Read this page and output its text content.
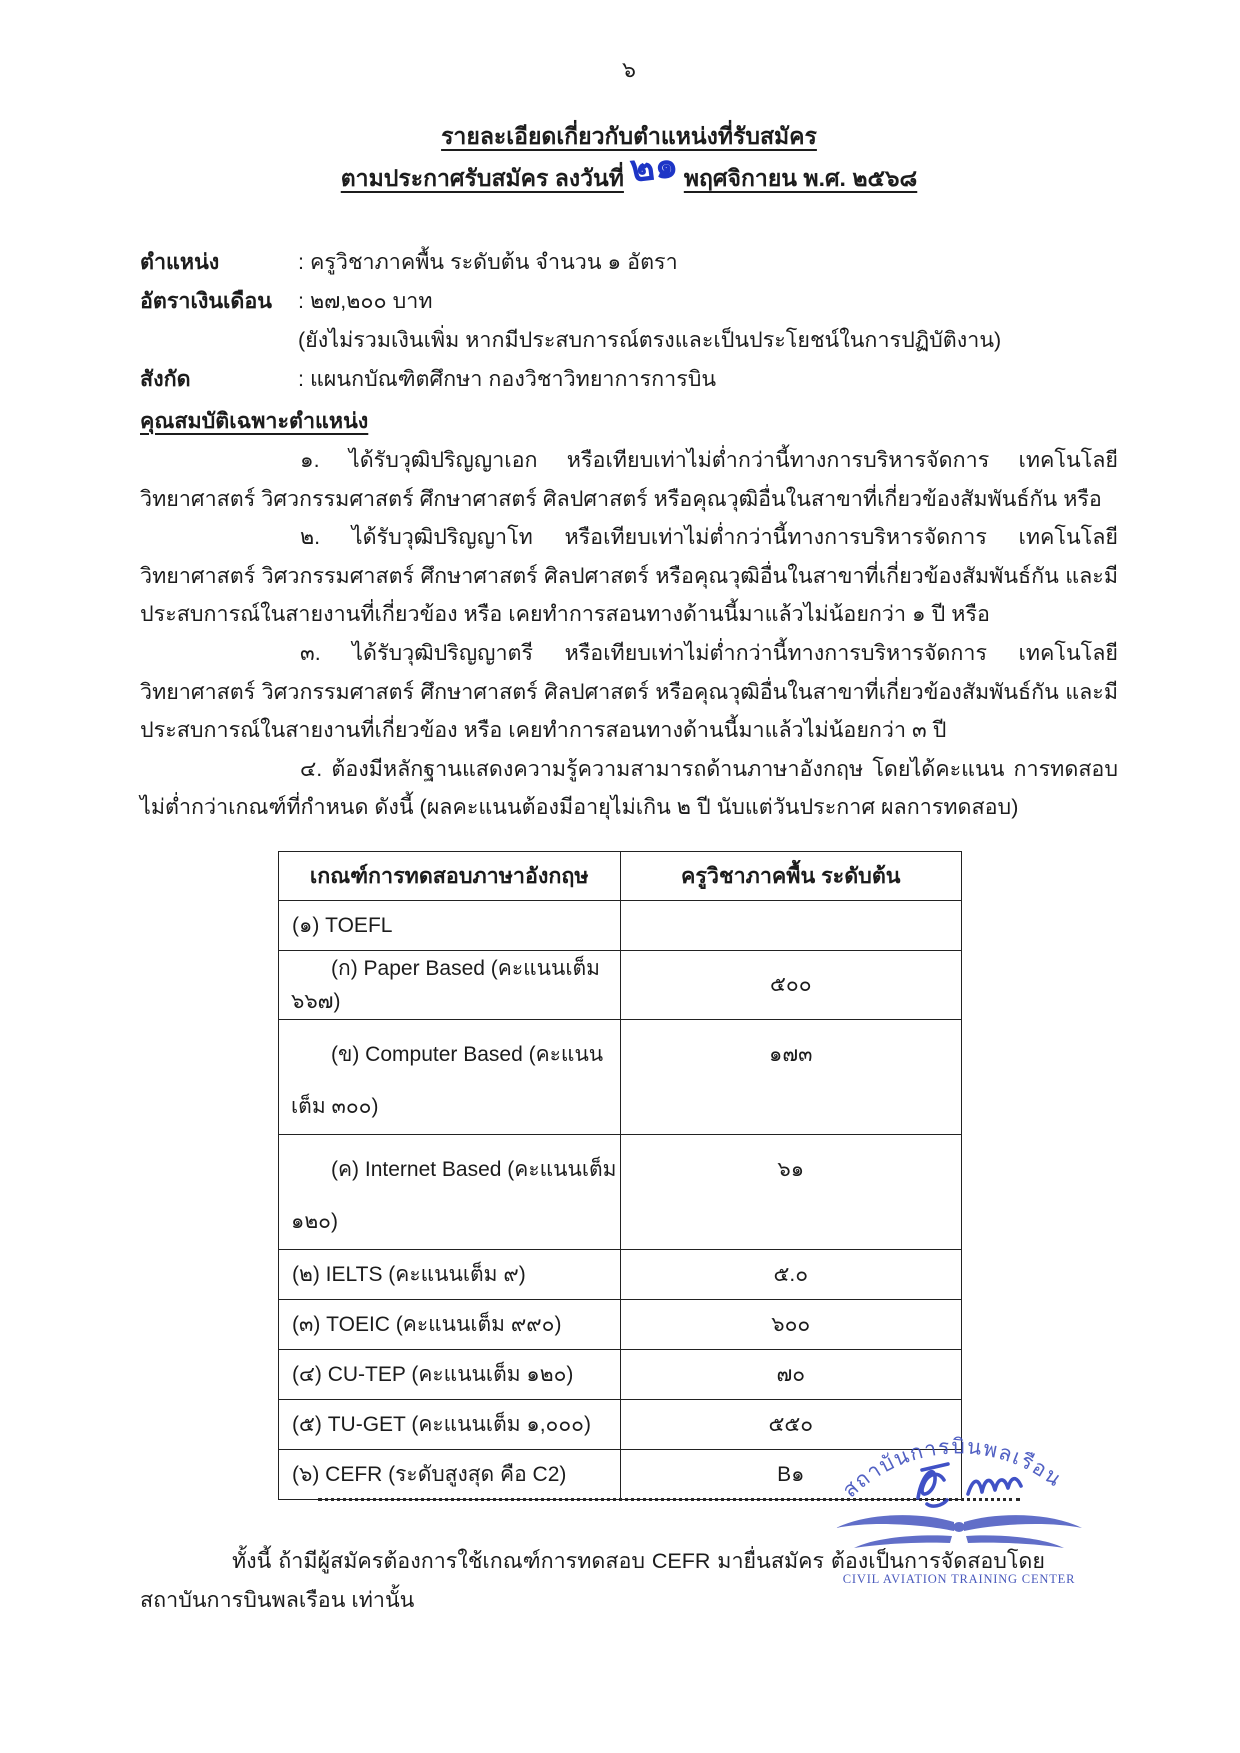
๖
รายละเอียดเกี่ยวกับตำแหน่งที่รับสมัคร
ตามประกาศรับสมัคร ลงวันที่๒๑ พฤศจิกายน พ.ศ. ๒๕๖๘
ตำแหน่ง	: ครูวิชาภาคพื้น ระดับต้น จำนวน ๑ อัตรา
อัตราเงินเดือน	: ๒๗,๒๐๐ บาท
(ยังไม่รวมเงินเพิ่ม หากมีประสบการณ์ตรงและเป็นประโยชน์ในการปฏิบัติงาน)
สังกัด	: แผนกบัณฑิตศึกษา กองวิชาวิทยาการการบิน
คุณสมบัติเฉพาะตำแหน่ง

๑. ได้รับวุฒิปริญญาเอก หรือเทียบเท่าไม่ต่ำกว่านี้ทางการบริหารจัดการ เทคโนโลยี วิทยาศาสตร์ วิศวกรรมศาสตร์ ศึกษาศาสตร์ ศิลปศาสตร์ หรือคุณวุฒิอื่นในสาขาที่เกี่ยวข้องสัมพันธ์กัน หรือ

๒. ได้รับวุฒิปริญญาโท หรือเทียบเท่าไม่ต่ำกว่านี้ทางการบริหารจัดการ เทคโนโลยี วิทยาศาสตร์ วิศวกรรมศาสตร์ ศึกษาศาสตร์ ศิลปศาสตร์ หรือคุณวุฒิอื่นในสาขาที่เกี่ยวข้องสัมพันธ์กัน และมีประสบการณ์ในสายงานที่เกี่ยวข้อง หรือ เคยทำการสอนทางด้านนี้มาแล้วไม่น้อยกว่า ๑ ปี หรือ

๓. ได้รับวุฒิปริญญาตรี หรือเทียบเท่าไม่ต่ำกว่านี้ทางการบริหารจัดการ เทคโนโลยี วิทยาศาสตร์ วิศวกรรมศาสตร์ ศึกษาศาสตร์ ศิลปศาสตร์ หรือคุณวุฒิอื่นในสาขาที่เกี่ยวข้องสัมพันธ์กัน และมีประสบการณ์ในสายงานที่เกี่ยวข้อง หรือ เคยทำการสอนทางด้านนี้มาแล้วไม่น้อยกว่า ๓ ปี

๔. ต้องมีหลักฐานแสดงความรู้ความสามารถด้านภาษาอังกฤษ โดยได้คะแนน การทดสอบไม่ต่ำกว่าเกณฑ์ที่กำหนด ดังนี้ (ผลคะแนนต้องมีอายุไม่เกิน ๒ ปี นับแต่วันประกาศ ผลการทดสอบ)

เกณฑ์การทดสอบภาษาอังกฤษ	ครูวิชาภาคพื้น ระดับต้น
(๑) TOEFL	
(ก) Paper Based (คะแนนเต็ม ๖๖๗)	๕๐๐
(ข) Computer Based (คะแนนเต็ม ๓๐๐)	๑๗๓
(ค) Internet Based (คะแนนเต็ม ๑๒๐)	๖๑
(๒) IELTS (คะแนนเต็ม ๙)	๕.๐
(๓) TOEIC (คะแนนเต็ม ๙๙๐)	๖๐๐
(๔) CU-TEP (คะแนนเต็ม ๑๒๐)	๗๐
(๕) TU-GET (คะแนนเต็ม ๑,๐๐๐)	๕๕๐
(๖) CEFR (ระดับสูงสุด คือ C2)	B๑

ทั้งนี้ ถ้ามีผู้สมัครต้องการใช้เกณฑ์การทดสอบ CEFR มายื่นสมัคร ต้องเป็นการจัดสอบโดย สถาบันการบินพลเรือน เท่านั้น

สถาบันการบินพลเรือน
CIVIL AVIATION TRAINING CENTER
